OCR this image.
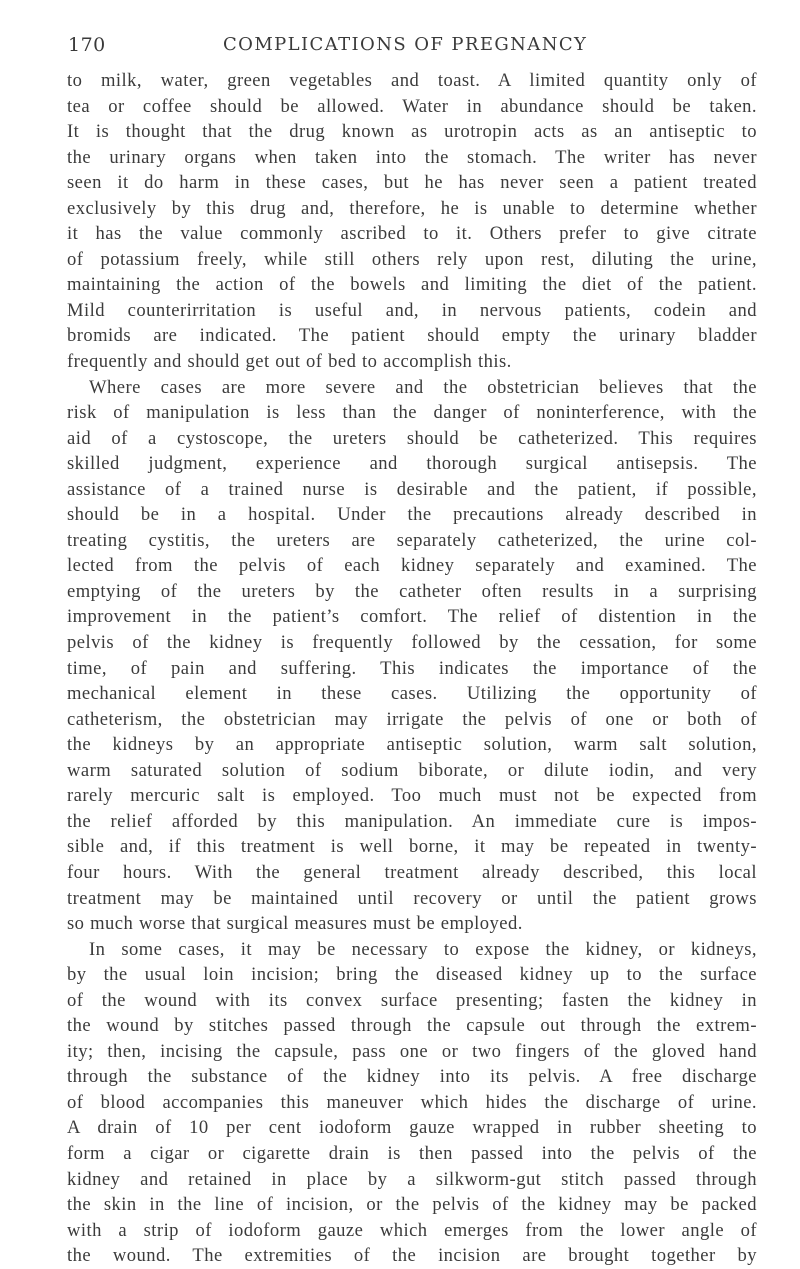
170	COMPLICATIONS OF PREGNANCY
to milk, water, green vegetables and toast. A limited quantity only of
tea or coffee should be allowed. Water in abundance should be taken.
It is thought that the drug known as urotropin acts as an antiseptic to
the urinary organs when taken into the stomach. The writer has never
seen it do harm in these cases, but he has never seen a patient treated
exclusively by this drug and, therefore, he is unable to determine whether
it has the value commonly ascribed to it. Others prefer to give citrate
of potassium freely, while still others rely upon rest, diluting the urine,
maintaining the action of the bowels and limiting the diet of the patient.
Mild counterirritation is useful and, in nervous patients, codein and
bromids are indicated. The patient should empty the urinary bladder
frequently and should get out of bed to accomplish this.
Where cases are more severe and the obstetrician believes that the
risk of manipulation is less than the danger of noninterference, with the
aid of a cystoscope, the ureters should be catheterized. This requires
skilled judgment, experience and thorough surgical antisepsis. The
assistance of a trained nurse is desirable and the patient, if possible,
should be in a hospital. Under the precautions already described in
treating cystitis, the ureters are separately catheterized, the urine col-
lected from the pelvis of each kidney separately and examined. The
emptying of the ureters by the catheter often results in a surprising
improvement in the patient’s comfort. The relief of distention in the
pelvis of the kidney is frequently followed by the cessation, for some
time, of pain and suffering. This indicates the importance of the
mechanical element in these cases. Utilizing the opportunity of
catheterism, the obstetrician may irrigate the pelvis of one or both of
the kidneys by an appropriate antiseptic solution, warm salt solution,
warm saturated solution of sodium biborate, or dilute iodin, and very
rarely mercuric salt is employed. Too much must not be expected from
the relief afforded by this manipulation. An immediate cure is impos-
sible and, if this treatment is well borne, it may be repeated in twenty-
four hours. With the general treatment already described, this local
treatment may be maintained until recovery or until the patient grows
so much worse that surgical measures must be employed.
In some cases, it may be necessary to expose the kidney, or kidneys,
by the usual loin incision; bring the diseased kidney up to the surface
of the wound with its convex surface presenting; fasten the kidney in
the wound by stitches passed through the capsule out through the extrem-
ity; then, incising the capsule, pass one or two fingers of the gloved hand
through the substance of the kidney into its pelvis. A free discharge
of blood accompanies this maneuver which hides the discharge of urine.
A drain of 10 per cent iodoform gauze wrapped in rubber sheeting to
form a cigar or cigarette drain is then passed into the pelvis of the
kidney and retained in place by a silkworm-gut stitch passed through
the skin in the line of incision, or the pelvis of the kidney may be packed
with a strip of iodoform gauze which emerges from the lower angle of
the wound. The extremities of the incision are brought together by
